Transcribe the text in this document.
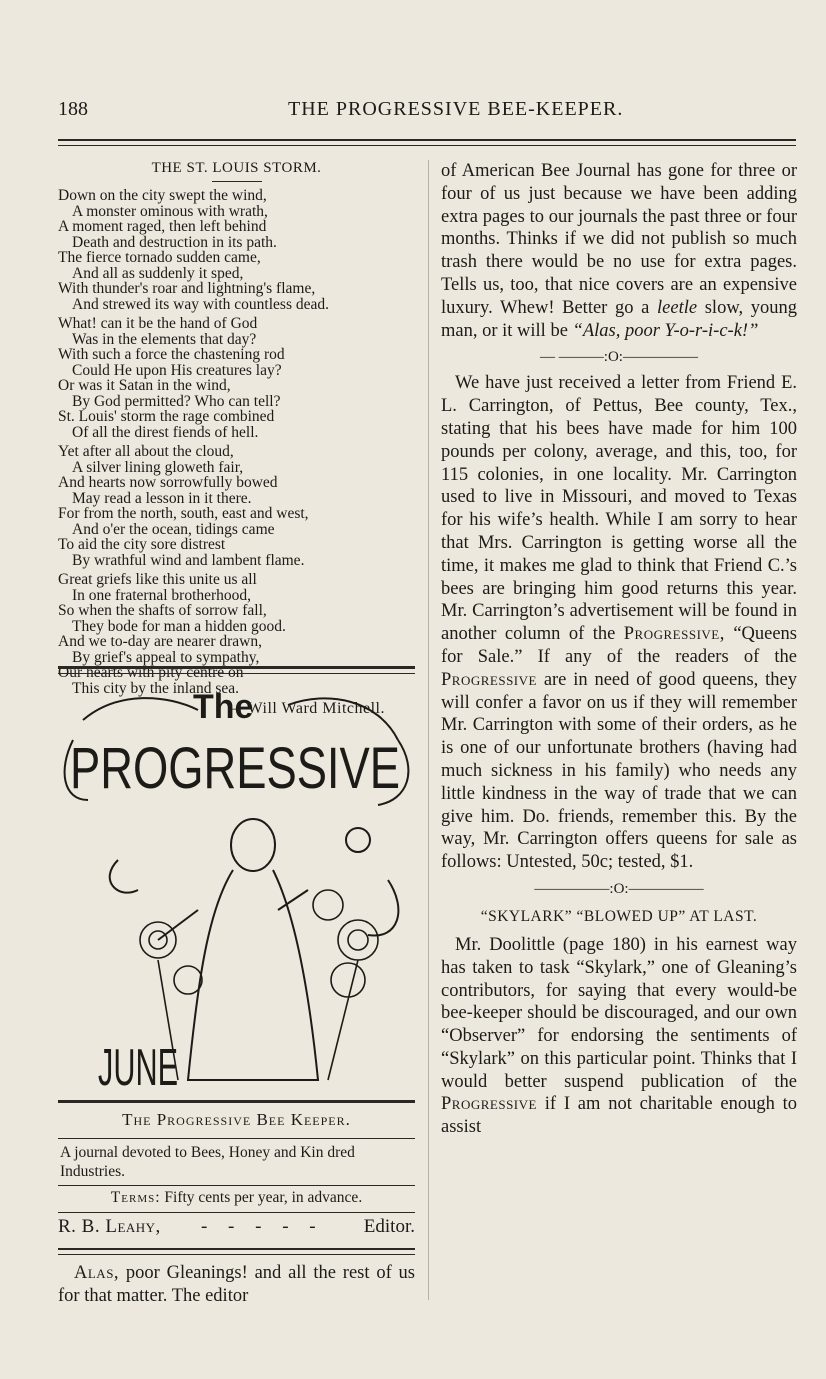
188	THE PROGRESSIVE BEE-KEEPER.
THE ST. LOUIS STORM.
Down on the city swept the wind,
A monster ominous with wrath,
A moment raged, then left behind
Death and destruction in its path.
The fierce tornado sudden came,
And all as suddenly it sped,
With thunder's roar and lightning's flame,
And strewed its way with countless dead.
What! can it be the hand of God
Was in the elements that day?
With such a force the chastening rod
Could He upon His creatures lay?
Or was it Satan in the wind,
By God permitted? Who can tell?
St. Louis' storm the rage combined
Of all the direst fiends of hell.
Yet after all about the cloud,
A silver lining gloweth fair,
And hearts now sorrowfully bowed
May read a lesson in it there.
For from the north, south, east and west,
And o'er the ocean, tidings came
To aid the city sore distrest
By wrathful wind and lambent flame.
Great griefs like this unite us all
In one fraternal brotherhood,
So when the shafts of sorrow fall,
They bode for man a hidden good.
And we to-day are nearer drawn,
By grief's appeal to sympathy,
Our hearts with pity centre on
This city by the inland sea.
—Will Ward Mitchell.
The
PROGRESSIVE
JUNE
The Progressive Bee Keeper.
A journal devoted to Bees, Honey and Kin dred Industries.
Terms: Fifty cents per year, in advance.
R. B. Leahy, - - - - - Editor.
Alas, poor Gleanings! and all the rest of us for that matter. The editor

of American Bee Journal has gone for three or four of us just because we have been adding extra pages to our journals the past three or four months. Thinks if we did not publish so much trash there would be no use for extra pages. Tells us, too, that nice covers are an expensive luxury. Whew! Better go a leetle slow, young man, or it will be “Alas, poor Y-o-r-i-c-k!”

— ———:O:—————

We have just received a letter from Friend E. L. Carrington, of Pettus, Bee county, Tex., stating that his bees have made for him 100 pounds per colony, average, and this, too, for 115 colonies, in one locality. Mr. Carrington used to live in Missouri, and moved to Texas for his wife’s health. While I am sorry to hear that Mrs. Carrington is getting worse all the time, it makes me glad to think that Friend C.’s bees are bringing him good returns this year. Mr. Carrington’s advertisement will be found in another column of the Progressive, “Queens for Sale.” If any of the readers of the Progressive are in need of good queens, they will confer a favor on us if they will remember Mr. Carrington with some of their orders, as he is one of our unfortunate brothers (having had much sickness in his family) who needs any little kindness in the way of trade that we can give him. Do. friends, remember this. By the way, Mr. Carrington offers queens for sale as follows: Untested, 50c; tested, $1.

—————:O:—————
“SKYLARK” “BLOWED UP” AT LAST.

Mr. Doolittle (page 180) in his earnest way has taken to task “Skylark,” one of Gleaning’s contributors, for saying that every would-be bee-keeper should be discouraged, and our own “Observer” for endorsing the sentiments of “Skylark” on this particular point. Thinks that I would better suspend publication of the Progressive if I am not charitable enough to assist
